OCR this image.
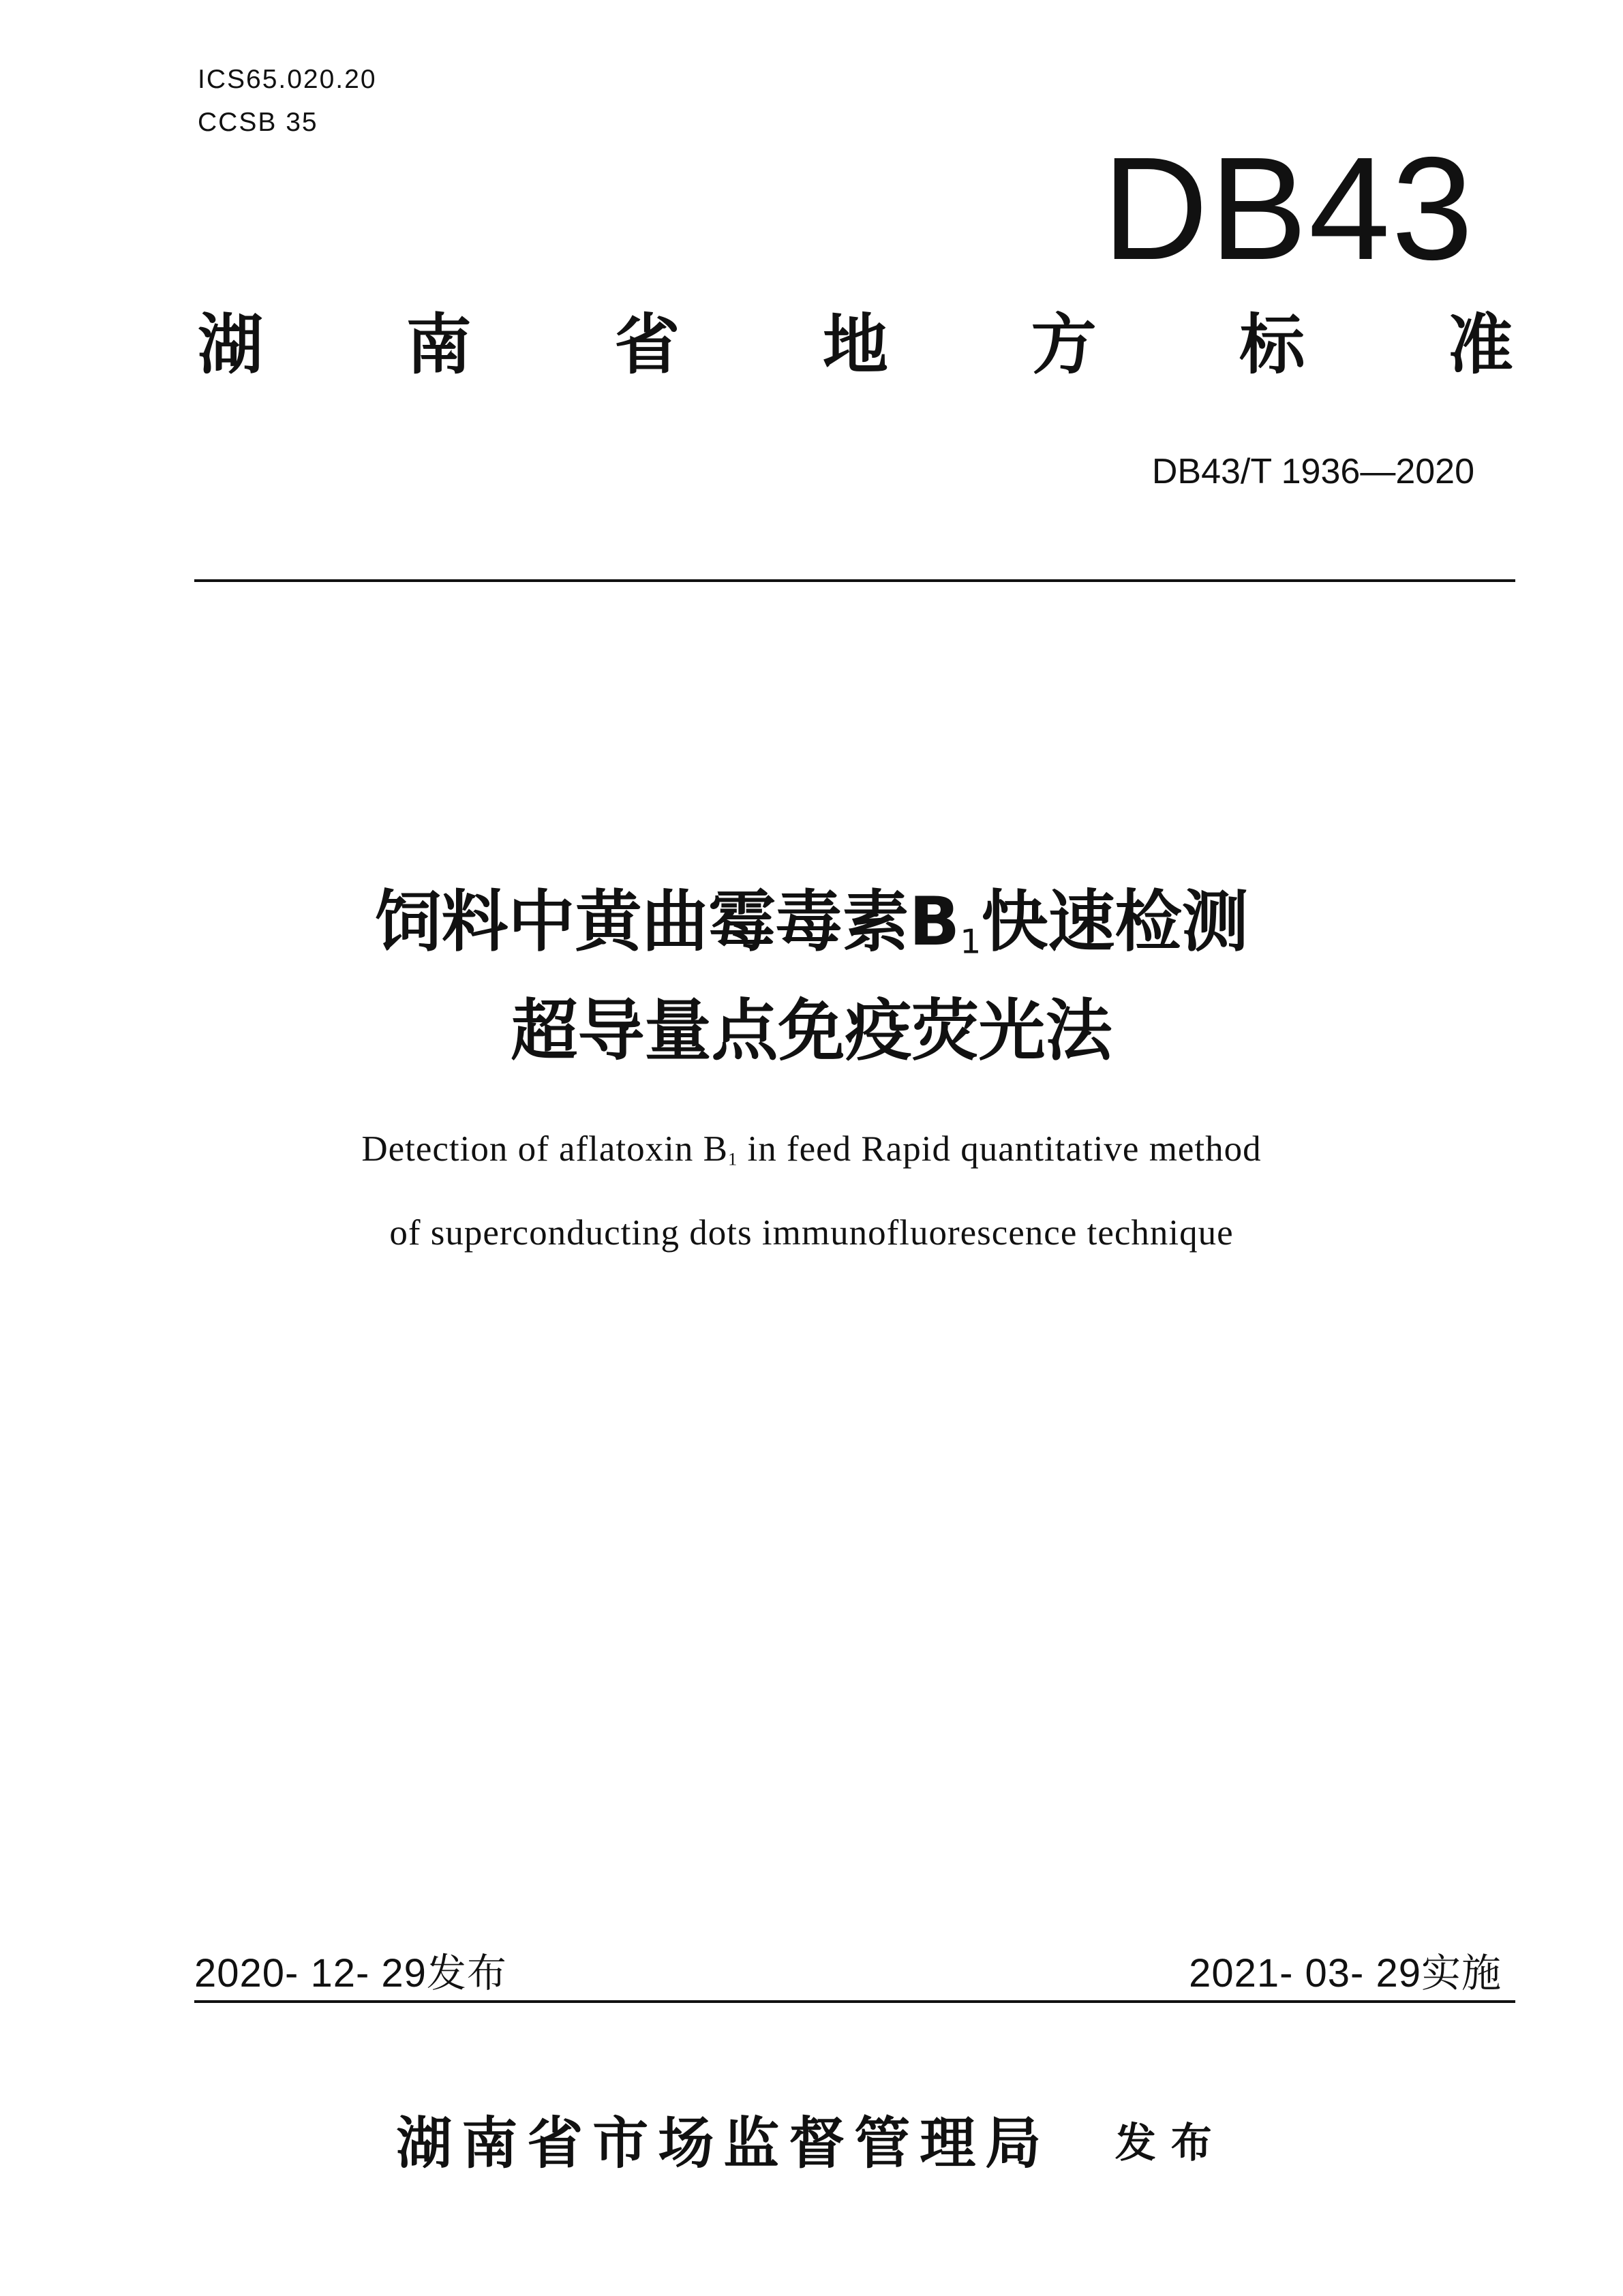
ICS65.020.20
CCSB 35
DB43
湖 南 省 地 方 标 准
DB43/T 1936—2020
饲料中黄曲霉毒素$B_1$快速检测
超导量点免疫荧光法
Detection of aflatoxin $B_1$ in feed Rapid quantitative method
of superconducting dots immunofluorescence technique
2020- 12- 29发布	2021- 03- 29实施
湖南省市场监督管理局 发布
